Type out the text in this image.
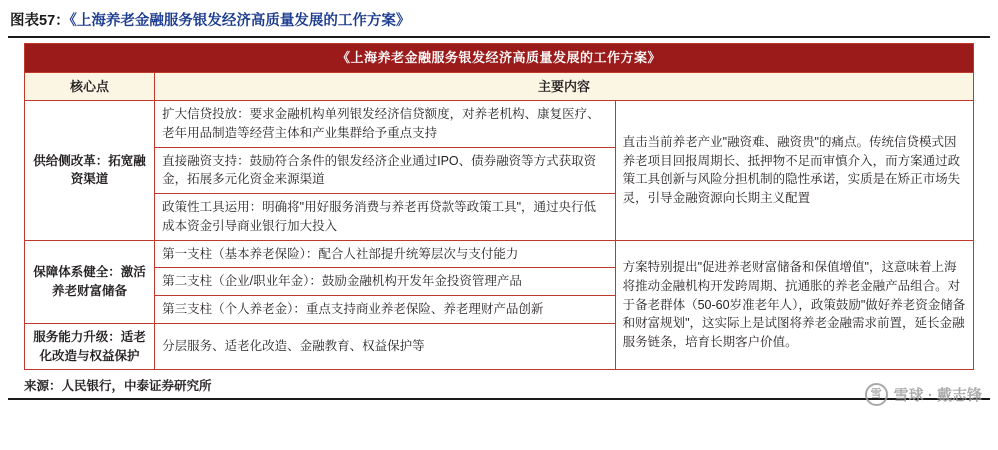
图表57：《上海养老金融服务银发经济高质量发展的工作方案》
《上海养老金融服务银发经济高质量发展的工作方案》		
核心点	主要内容	
供给侧改革：拓宽融资渠道	扩大信贷投放：要求金融机构单列银发经济信贷额度，对养老机构、康复医疗、老年用品制造等经营主体和产业集群给予重点支持	直击当前养老产业"融资难、融资贵"的痛点。传统信贷模式因养老项目回报周期长、抵押物不足而审慎介入，而方案通过政策工具创新与风险分担机制的隐性承诺，实质是在矫正市场失灵，引导金融资源向长期主义配置
	直接融资支持：鼓励符合条件的银发经济企业通过IPO、债券融资等方式获取资金，拓展多元化资金来源渠道	
	政策性工具运用：明确将"用好服务消费与养老再贷款等政策工具"，通过央行低成本资金引导商业银行加大投入	
保障体系健全：激活养老财富储备	第一支柱（基本养老保险）：配合人社部提升统筹层次与支付能力	方案特别提出"促进养老财富储备和保值增值"，这意味着上海将推动金融机构开发跨周期、抗通胀的养老金融产品组合。对于备老群体（50-60岁准老年人），政策鼓励"做好养老资金储备和财富规划"，这实际上是试图将养老金融需求前置，延长金融服务链条，培育长期客户价值。
	第二支柱（企业/职业年金）：鼓励金融机构开发年金投资管理产品	
	第三支柱（个人养老金）：重点支持商业养老保险、养老理财产品创新	
服务能力升级：适老化改造与权益保护	分层服务、适老化改造、金融教育、权益保护等	
来源：人民银行，中泰证券研究所
雪 雪球 · 戴志锋
